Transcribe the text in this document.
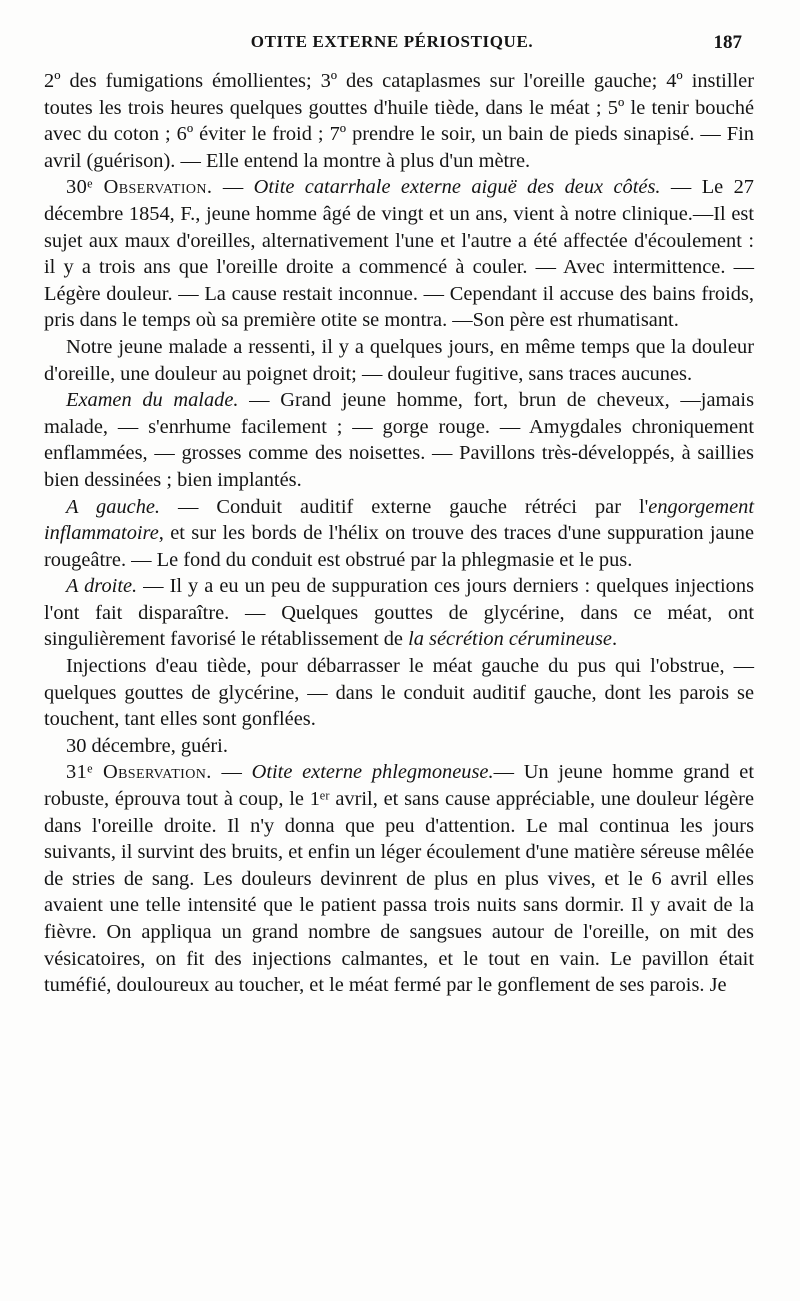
OTITE EXTERNE PÉRIOSTIQUE.	187

2º des fumigations émollientes; 3º des cataplasmes sur l'oreille gauche; 4º instiller toutes les trois heures quelques gouttes d'huile tiède, dans le méat ; 5º le tenir bouché avec du coton ; 6º éviter le froid ; 7º prendre le soir, un bain de pieds sinapisé. — Fin avril (guérison). — Elle entend la montre à plus d'un mètre.

30ᵉ Observation. — Otite catarrhale externe aiguë des deux côtés. — Le 27 décembre 1854, F., jeune homme âgé de vingt et un ans, vient à notre clinique.—Il est sujet aux maux d'oreilles, alternativement l'une et l'autre a été affectée d'écoulement : il y a trois ans que l'oreille droite a commencé à couler. — Avec intermittence. — Légère douleur. — La cause restait inconnue. — Cependant il accuse des bains froids, pris dans le temps où sa première otite se montra. —Son père est rhumatisant.

Notre jeune malade a ressenti, il y a quelques jours, en même temps que la douleur d'oreille, une douleur au poignet droit; — douleur fugitive, sans traces aucunes.

Examen du malade. — Grand jeune homme, fort, brun de cheveux, —jamais malade, — s'enrhume facilement ; — gorge rouge. — Amygdales chroniquement enflammées, — grosses comme des noisettes. — Pavillons très-développés, à saillies bien dessinées ; bien implantés.

A gauche. — Conduit auditif externe gauche rétréci par l'engorgement inflammatoire, et sur les bords de l'hélix on trouve des traces d'une suppuration jaune rougeâtre. — Le fond du conduit est obstrué par la phlegmasie et le pus.

A droite. — Il y a eu un peu de suppuration ces jours derniers : quelques injections l'ont fait disparaître. — Quelques gouttes de glycérine, dans ce méat, ont singulièrement favorisé le rétablissement de la sécrétion cérumineuse.

Injections d'eau tiède, pour débarrasser le méat gauche du pus qui l'obstrue, — quelques gouttes de glycérine, — dans le conduit auditif gauche, dont les parois se touchent, tant elles sont gonflées.

30 décembre, guéri.

31ᵉ Observation. — Otite externe phlegmoneuse.— Un jeune homme grand et robuste, éprouva tout à coup, le 1ᵉʳ avril, et sans cause appréciable, une douleur légère dans l'oreille droite. Il n'y donna que peu d'attention. Le mal continua les jours suivants, il survint des bruits, et enfin un léger écoulement d'une matière séreuse mêlée de stries de sang. Les douleurs devinrent de plus en plus vives, et le 6 avril elles avaient une telle intensité que le patient passa trois nuits sans dormir. Il y avait de la fièvre. On appliqua un grand nombre de sangsues autour de l'oreille, on mit des vésicatoires, on fit des injections calmantes, et le tout en vain. Le pavillon était tuméfié, douloureux au toucher, et le méat fermé par le gonflement de ses parois. Je
